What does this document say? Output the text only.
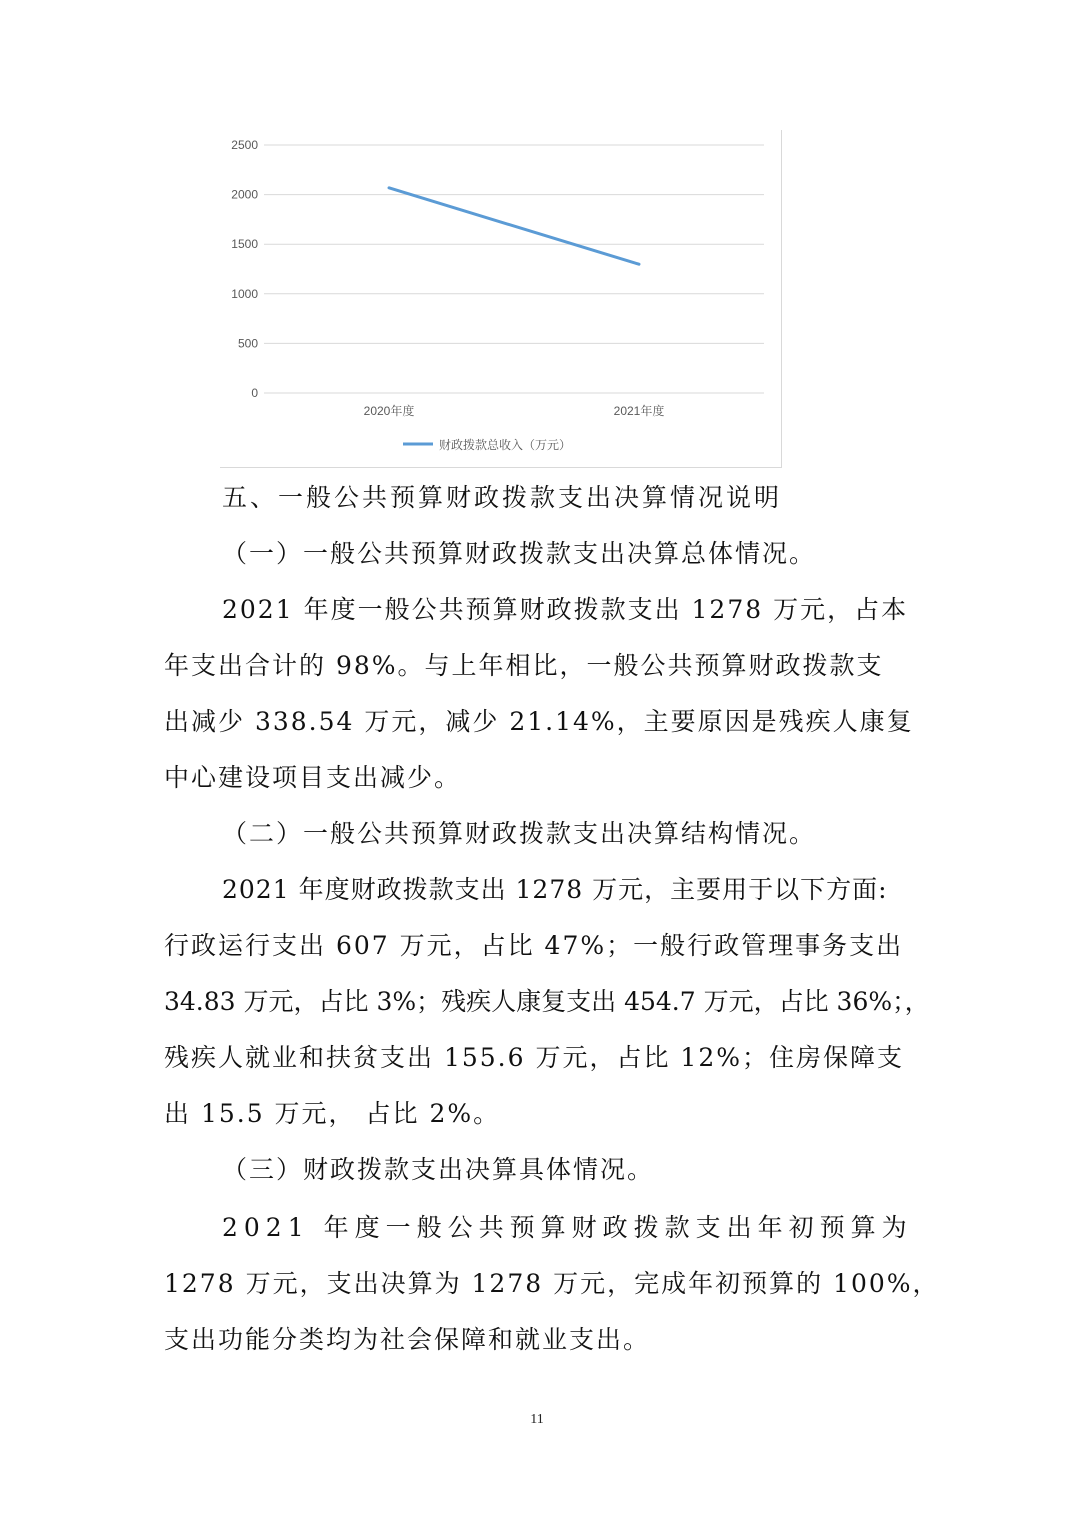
0
500
1000
1500
2000
2500
2020年度	2021年度
财政拨款总收入（万元）

五、一般公共预算财政拨款支出决算情况说明

（一）一般公共预算财政拨款支出决算总体情况。

2021 年度一般公共预算财政拨款支出 1278 万元，占本

年支出合计的 98%。与上年相比，一般公共预算财政拨款支

出减少 338.54 万元，减少 21.14%，主要原因是残疾人康复

中心建设项目支出减少。

（二）一般公共预算财政拨款支出决算结构情况。

2021 年度财政拨款支出 1278 万元，主要用于以下方面:

行政运行支出 607 万元，占比 47%；一般行政管理事务支出

34.83 万元，占比 3%；残疾人康复支出 454.7 万元，占比 36%；，

残疾人就业和扶贫支出 155.6 万元，占比 12%；住房保障支

出 15.5 万元， 占比 2%。

（三）财政拨款支出决算具体情况。

2021 年度一般公共预算财政拨款支出年初预算为

1278 万元，支出决算为 1278 万元，完成年初预算的 100%，

支出功能分类均为社会保障和就业支出。

11
